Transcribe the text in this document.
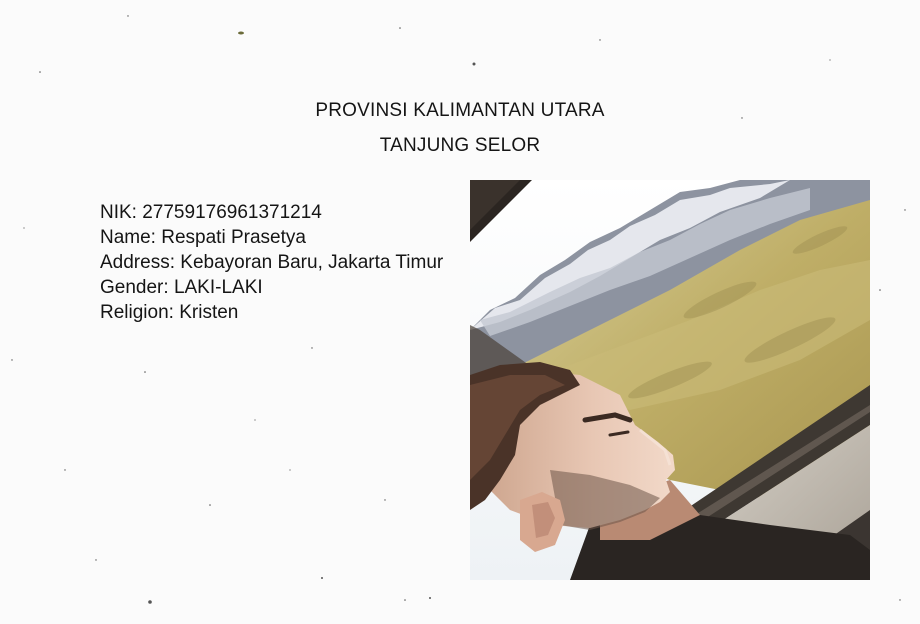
PROVINSI KALIMANTAN UTARA
TANJUNG SELOR
NIK: 27759176961371214
Name: Respati Prasetya
Address: Kebayoran Baru, Jakarta Timur
Gender: LAKI-LAKI
Religion: Kristen
